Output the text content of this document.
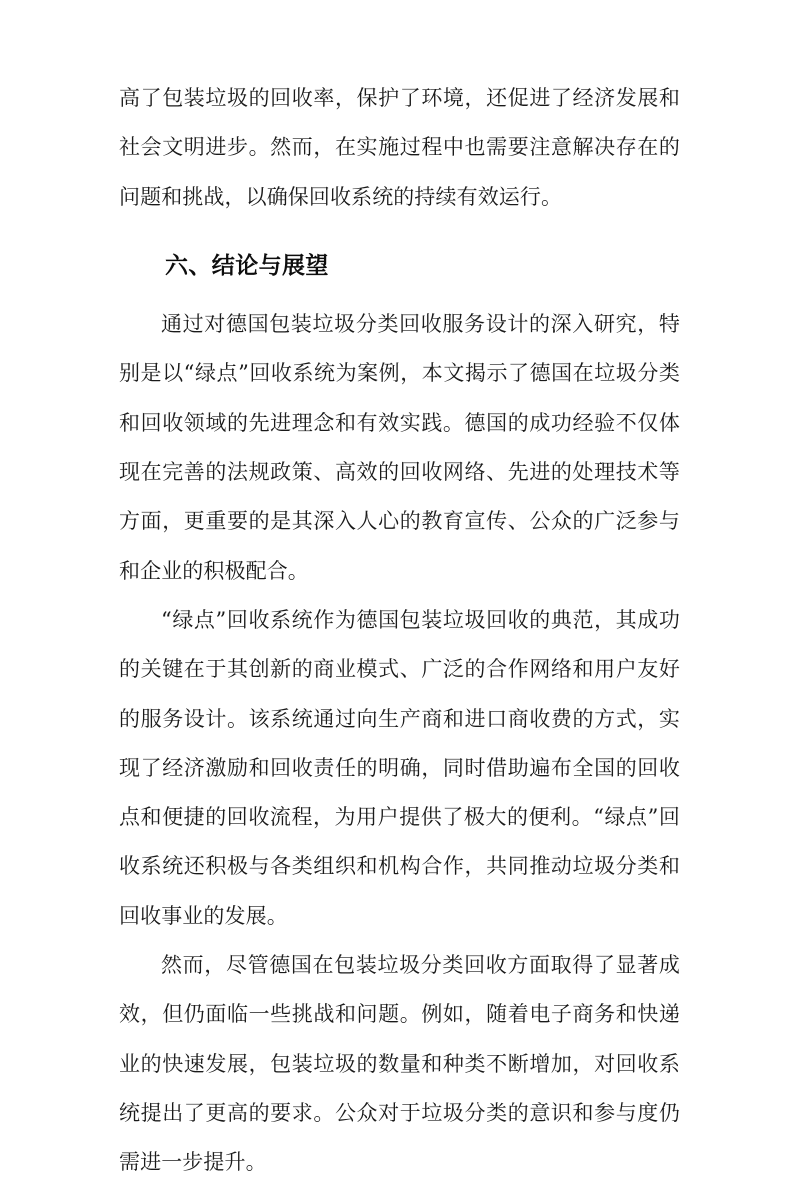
高了包装垃圾的回收率，保护了环境，还促进了经济发展和社会文明进步。然而，在实施过程中也需要注意解决存在的问题和挑战，以确保回收系统的持续有效运行。

六、结论与展望

通过对德国包装垃圾分类回收服务设计的深入研究，特别是以“绿点”回收系统为案例，本文揭示了德国在垃圾分类和回收领域的先进理念和有效实践。德国的成功经验不仅体现在完善的法规政策、高效的回收网络、先进的处理技术等方面，更重要的是其深入人心的教育宣传、公众的广泛参与和企业的积极配合。

“绿点”回收系统作为德国包装垃圾回收的典范，其成功的关键在于其创新的商业模式、广泛的合作网络和用户友好的服务设计。该系统通过向生产商和进口商收费的方式，实现了经济激励和回收责任的明确，同时借助遍布全国的回收点和便捷的回收流程，为用户提供了极大的便利。“绿点”回收系统还积极与各类组织和机构合作，共同推动垃圾分类和回收事业的发展。

然而，尽管德国在包装垃圾分类回收方面取得了显著成效，但仍面临一些挑战和问题。例如，随着电子商务和快递业的快速发展，包装垃圾的数量和种类不断增加，对回收系统提出了更高的要求。公众对于垃圾分类的意识和参与度仍需进一步提升。
